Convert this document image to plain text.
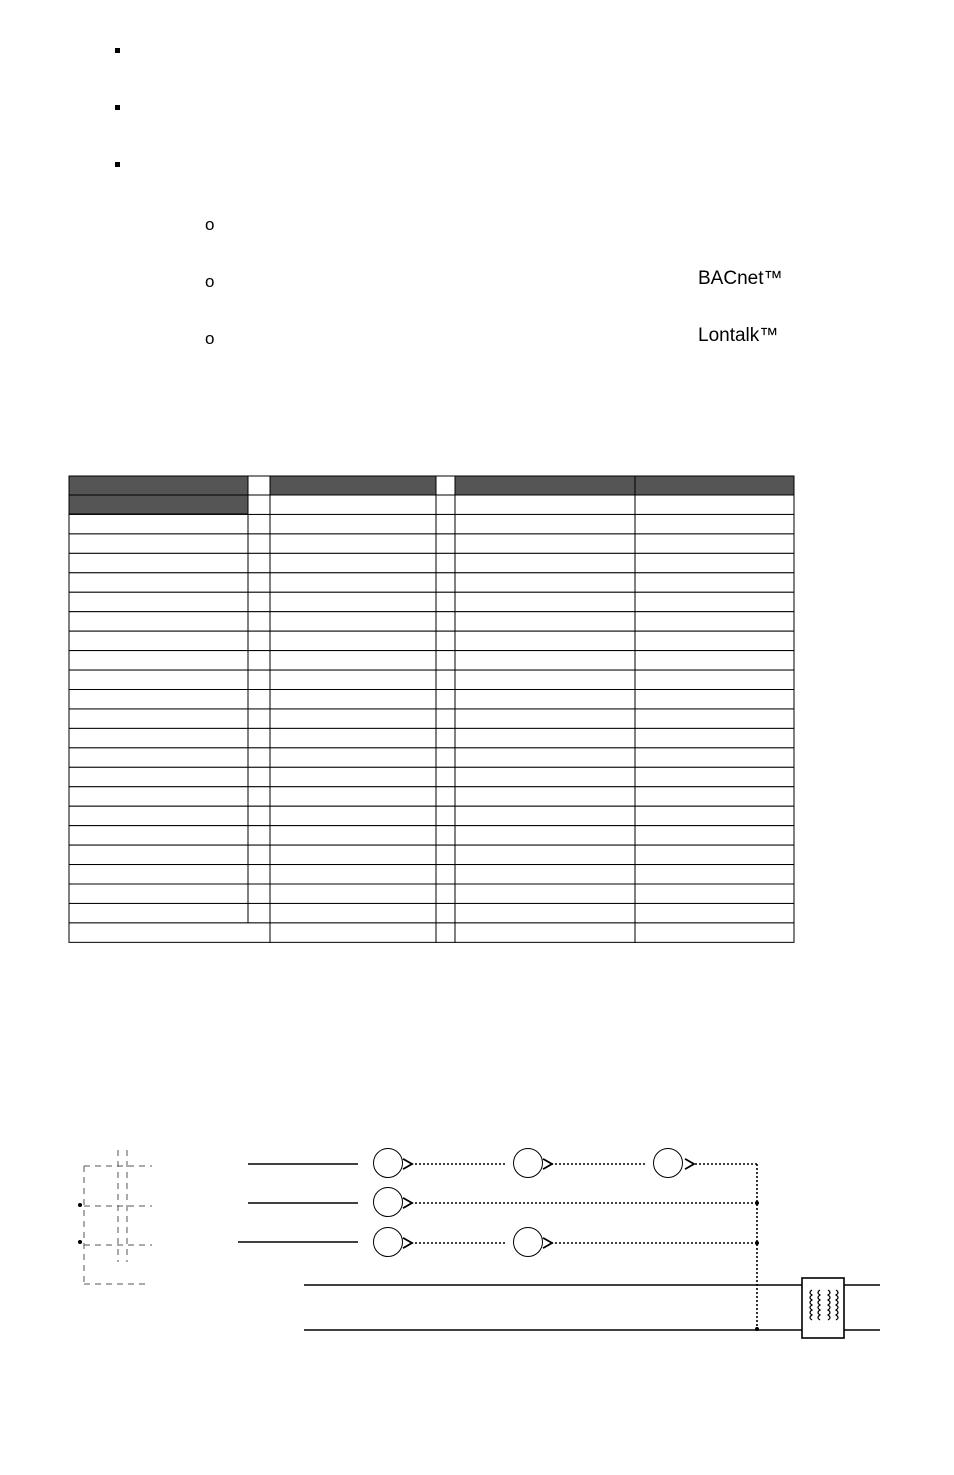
o
o
o
BACnet™
Lontalk™
